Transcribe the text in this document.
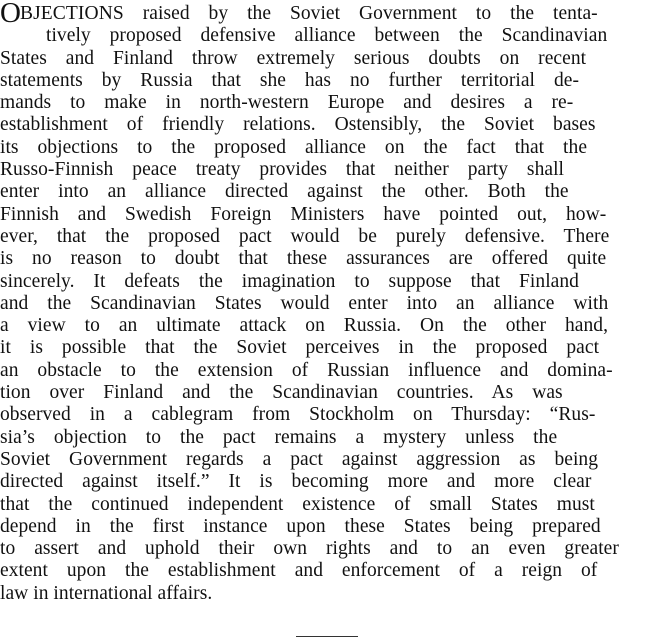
OBJECTIONS raised by the Soviet Government to the tenta-
tively proposed defensive alliance between the Scandinavian
States and Finland throw extremely serious doubts on recent
statements by Russia that she has no further territorial de-
mands to make in north-western Europe and desires a re-
establishment of friendly relations. Ostensibly, the Soviet bases
its objections to the proposed alliance on the fact that the
Russo-Finnish peace treaty provides that neither party shall
enter into an alliance directed against the other. Both the
Finnish and Swedish Foreign Ministers have pointed out, how-
ever, that the proposed pact would be purely defensive. There
is no reason to doubt that these assurances are offered quite
sincerely. It defeats the imagination to suppose that Finland
and the Scandinavian States would enter into an alliance with
a view to an ultimate attack on Russia. On the other hand,
it is possible that the Soviet perceives in the proposed pact
an obstacle to the extension of Russian influence and domina-
tion over Finland and the Scandinavian countries. As was
observed in a cablegram from Stockholm on Thursday: “Rus-
sia’s objection to the pact remains a mystery unless the
Soviet Government regards a pact against aggression as being
directed against itself.” It is becoming more and more clear
that the continued independent existence of small States must
depend in the first instance upon these States being prepared
to assert and uphold their own rights and to an even greater
extent upon the establishment and enforcement of a reign of
law in international affairs.
